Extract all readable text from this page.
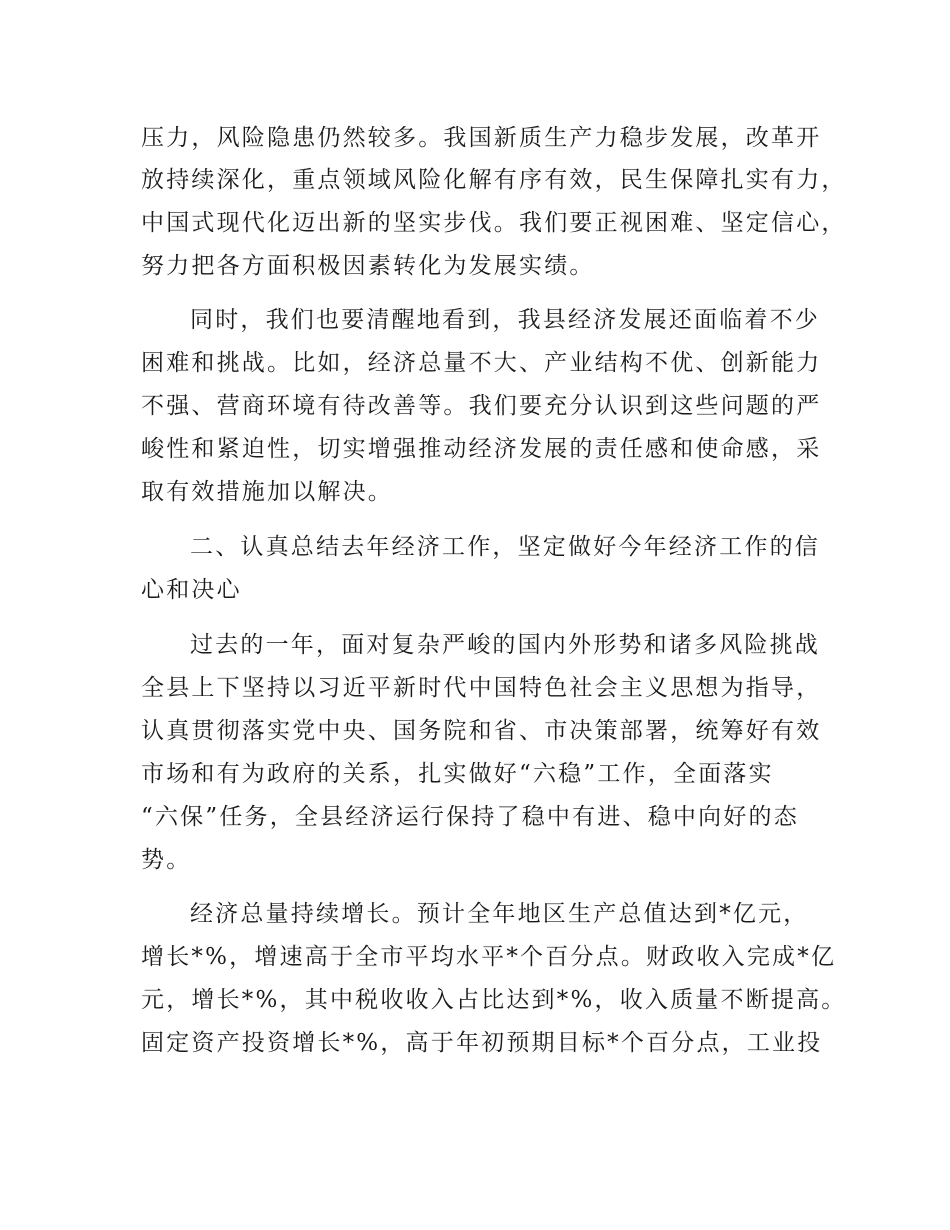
压力，风险隐患仍然较多。我国新质生产力稳步发展，改革开
放持续深化，重点领域风险化解有序有效，民生保障扎实有力，
中国式现代化迈出新的坚实步伐。我们要正视困难、坚定信心，
努力把各方面积极因素转化为发展实绩。
同时，我们也要清醒地看到，我县经济发展还面临着不少
困难和挑战。比如，经济总量不大、产业结构不优、创新能力
不强、营商环境有待改善等。我们要充分认识到这些问题的严
峻性和紧迫性，切实增强推动经济发展的责任感和使命感，采
取有效措施加以解决。
二、认真总结去年经济工作，坚定做好今年经济工作的信
心和决心
过去的一年，面对复杂严峻的国内外形势和诸多风险挑战
全县上下坚持以习近平新时代中国特色社会主义思想为指导，
认真贯彻落实党中央、国务院和省、市决策部署，统筹好有效
市场和有为政府的关系，扎实做好“六稳”工作，全面落实
“六保”任务，全县经济运行保持了稳中有进、稳中向好的态
势。
经济总量持续增长。预计全年地区生产总值达到*亿元，
增长*%，增速高于全市平均水平*个百分点。财政收入完成*亿
元，增长*%，其中税收收入占比达到*%，收入质量不断提高。
固定资产投资增长*%，高于年初预期目标*个百分点，工业投
